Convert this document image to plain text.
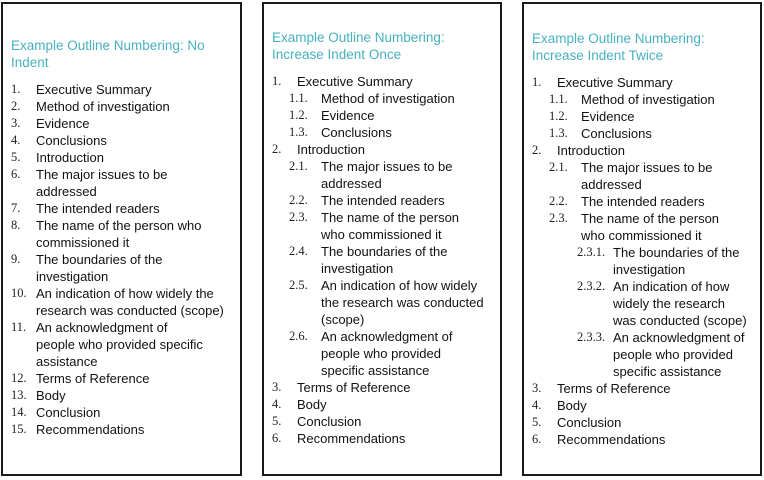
Example Outline Numbering: No Indent

1.	Executive Summary
2.	Method of investigation
3.	Evidence
4.	Conclusions
5.	Introduction
6.	The major issues to be
addressed
7.	The intended readers
8.	The name of the person who
commissioned it
9.	The boundaries of the
investigation
10. An indication of how widely the
research was conducted (scope)
11. An acknowledgment of
people who provided specific
assistance
12. Terms of Reference
13. Body
14. Conclusion
15. Recommendations

Example Outline Numbering: Increase Indent Once

1.	Executive Summary
1.1.	Method of investigation
1.2.	Evidence
1.3.	Conclusions
2.	Introduction
2.1.	The major issues to be
addressed
2.2.	The intended readers
2.3.	The name of the person
who commissioned it
2.4.	The boundaries of the
investigation
2.5.	An indication of how widely
the research was conducted
(scope)
2.6.	An acknowledgment of
people who provided
specific assistance
3.	Terms of Reference
4.	Body
5.	Conclusion
6.	Recommendations

Example Outline Numbering: Increase Indent Twice

1.	Executive Summary
1.1.	Method of investigation
1.2.	Evidence
1.3.	Conclusions
2.	Introduction
2.1.	The major issues to be
addressed
2.2.	The intended readers
2.3.	The name of the person
who commissioned it
2.3.1. The boundaries of the
investigation
2.3.2. An indication of how
widely the research
was conducted (scope)
2.3.3. An acknowledgment of
people who provided
specific assistance
3.	Terms of Reference
4.	Body
5.	Conclusion
6.	Recommendations
